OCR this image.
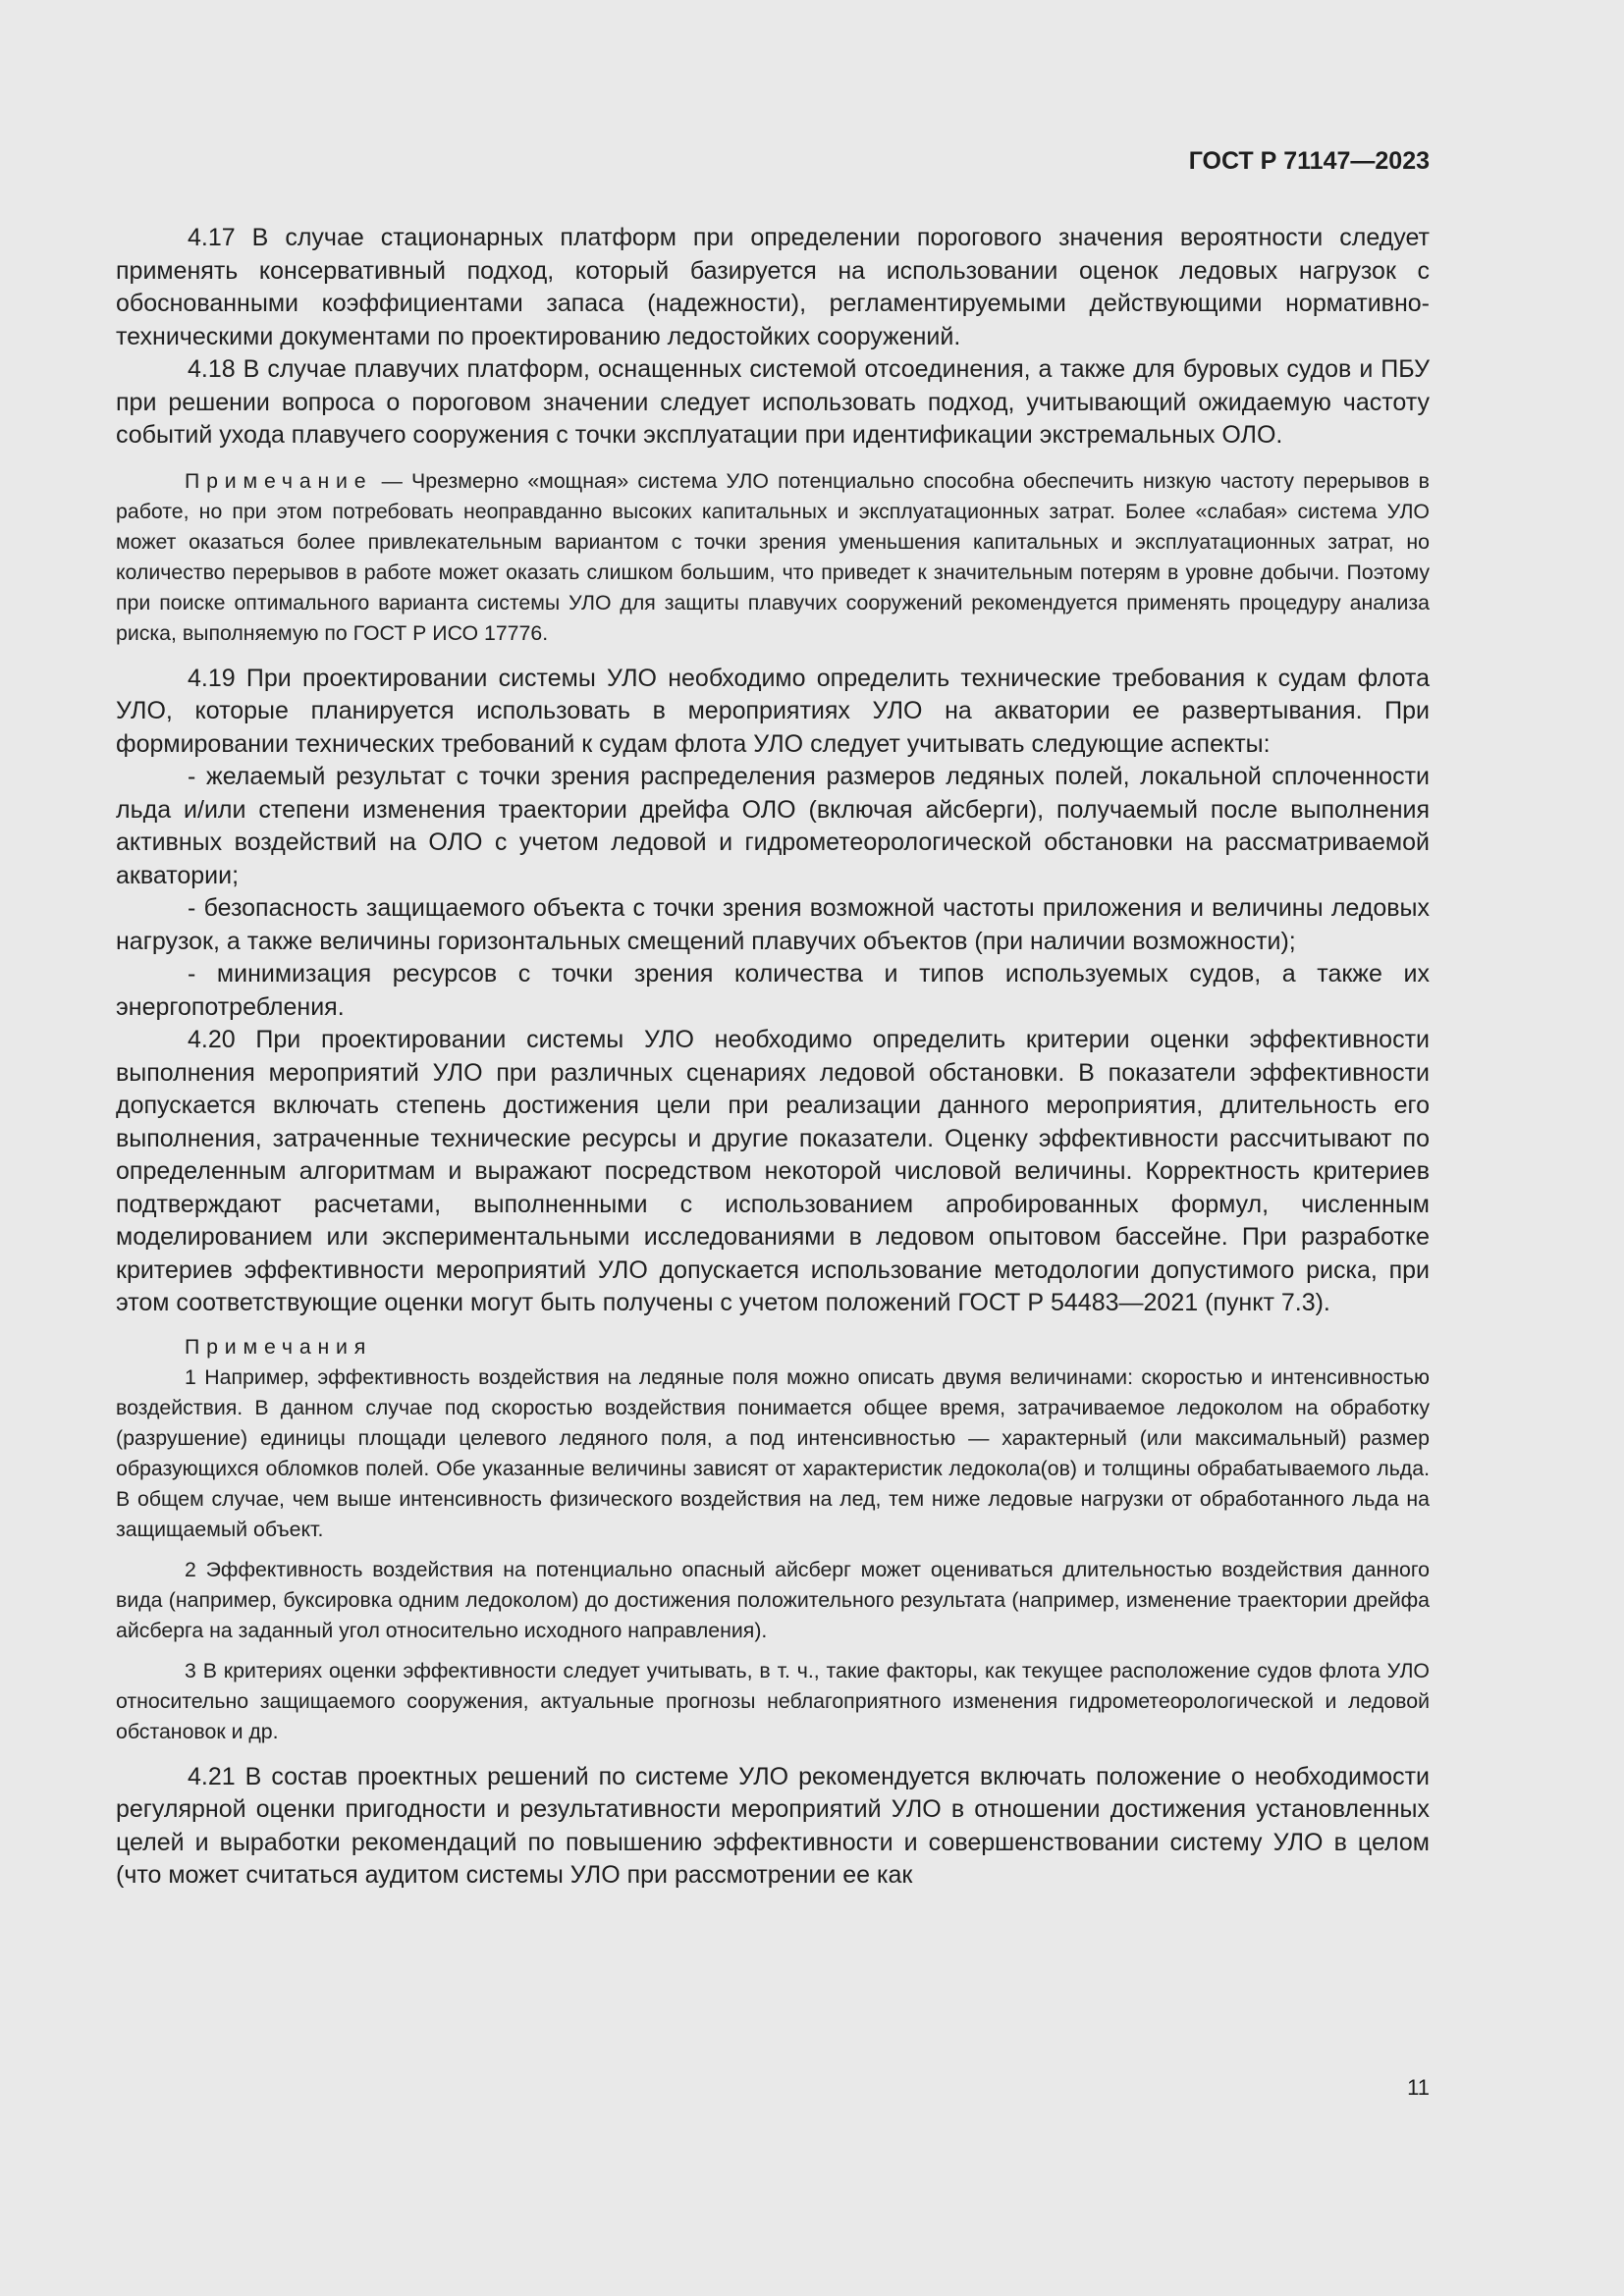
ГОСТ Р 71147—2023

4.17 В случае стационарных платформ при определении порогового значения вероятности следует применять консервативный подход, который базируется на использовании оценок ледовых нагрузок с обоснованными коэффициентами запаса (надежности), регламентируемыми действующими нормативно-техническими документами по проектированию ледостойких сооружений.

4.18 В случае плавучих платформ, оснащенных системой отсоединения, а также для буровых судов и ПБУ при решении вопроса о пороговом значении следует использовать подход, учитывающий ожидаемую частоту событий ухода плавучего сооружения с точки эксплуатации при идентификации экстремальных ОЛО.

Примечание — Чрезмерно «мощная» система УЛО потенциально способна обеспечить низкую частоту перерывов в работе, но при этом потребовать неоправданно высоких капитальных и эксплуатационных затрат. Более «слабая» система УЛО может оказаться более привлекательным вариантом с точки зрения уменьшения капитальных и эксплуатационных затрат, но количество перерывов в работе может оказать слишком большим, что приведет к значительным потерям в уровне добычи. Поэтому при поиске оптимального варианта системы УЛО для защиты плавучих сооружений рекомендуется применять процедуру анализа риска, выполняемую по ГОСТ Р ИСО 17776.

4.19 При проектировании системы УЛО необходимо определить технические требования к судам флота УЛО, которые планируется использовать в мероприятиях УЛО на акватории ее развертывания. При формировании технических требований к судам флота УЛО следует учитывать следующие аспекты:

- желаемый результат с точки зрения распределения размеров ледяных полей, локальной сплоченности льда и/или степени изменения траектории дрейфа ОЛО (включая айсберги), получаемый после выполнения активных воздействий на ОЛО с учетом ледовой и гидрометеорологической обстановки на рассматриваемой акватории;

- безопасность защищаемого объекта с точки зрения возможной частоты приложения и величины ледовых нагрузок, а также величины горизонтальных смещений плавучих объектов (при наличии возможности);

- минимизация ресурсов с точки зрения количества и типов используемых судов, а также их энергопотребления.

4.20 При проектировании системы УЛО необходимо определить критерии оценки эффективности выполнения мероприятий УЛО при различных сценариях ледовой обстановки. В показатели эффективности допускается включать степень достижения цели при реализации данного мероприятия, длительность его выполнения, затраченные технические ресурсы и другие показатели. Оценку эффективности рассчитывают по определенным алгоритмам и выражают посредством некоторой числовой величины. Корректность критериев подтверждают расчетами, выполненными с использованием апробированных формул, численным моделированием или экспериментальными исследованиями в ледовом опытовом бассейне. При разработке критериев эффективности мероприятий УЛО допускается использование методологии допустимого риска, при этом соответствующие оценки могут быть получены с учетом положений ГОСТ Р 54483—2021 (пункт 7.3).

Примечания

1 Например, эффективность воздействия на ледяные поля можно описать двумя величинами: скоростью и интенсивностью воздействия. В данном случае под скоростью воздействия понимается общее время, затрачиваемое ледоколом на обработку (разрушение) единицы площади целевого ледяного поля, а под интенсивностью — характерный (или максимальный) размер образующихся обломков полей. Обе указанные величины зависят от характеристик ледокола(ов) и толщины обрабатываемого льда. В общем случае, чем выше интенсивность физического воздействия на лед, тем ниже ледовые нагрузки от обработанного льда на защищаемый объект.

2 Эффективность воздействия на потенциально опасный айсберг может оцениваться длительностью воздействия данного вида (например, буксировка одним ледоколом) до достижения положительного результата (например, изменение траектории дрейфа айсберга на заданный угол относительно исходного направления).

3 В критериях оценки эффективности следует учитывать, в т. ч., такие факторы, как текущее расположение судов флота УЛО относительно защищаемого сооружения, актуальные прогнозы неблагоприятного изменения гидрометеорологической и ледовой обстановок и др.

4.21 В состав проектных решений по системе УЛО рекомендуется включать положение о необходимости регулярной оценки пригодности и результативности мероприятий УЛО в отношении достижения установленных целей и выработки рекомендаций по повышению эффективности и совершенствовании систему УЛО в целом (что может считаться аудитом системы УЛО при рассмотрении ее как

11
